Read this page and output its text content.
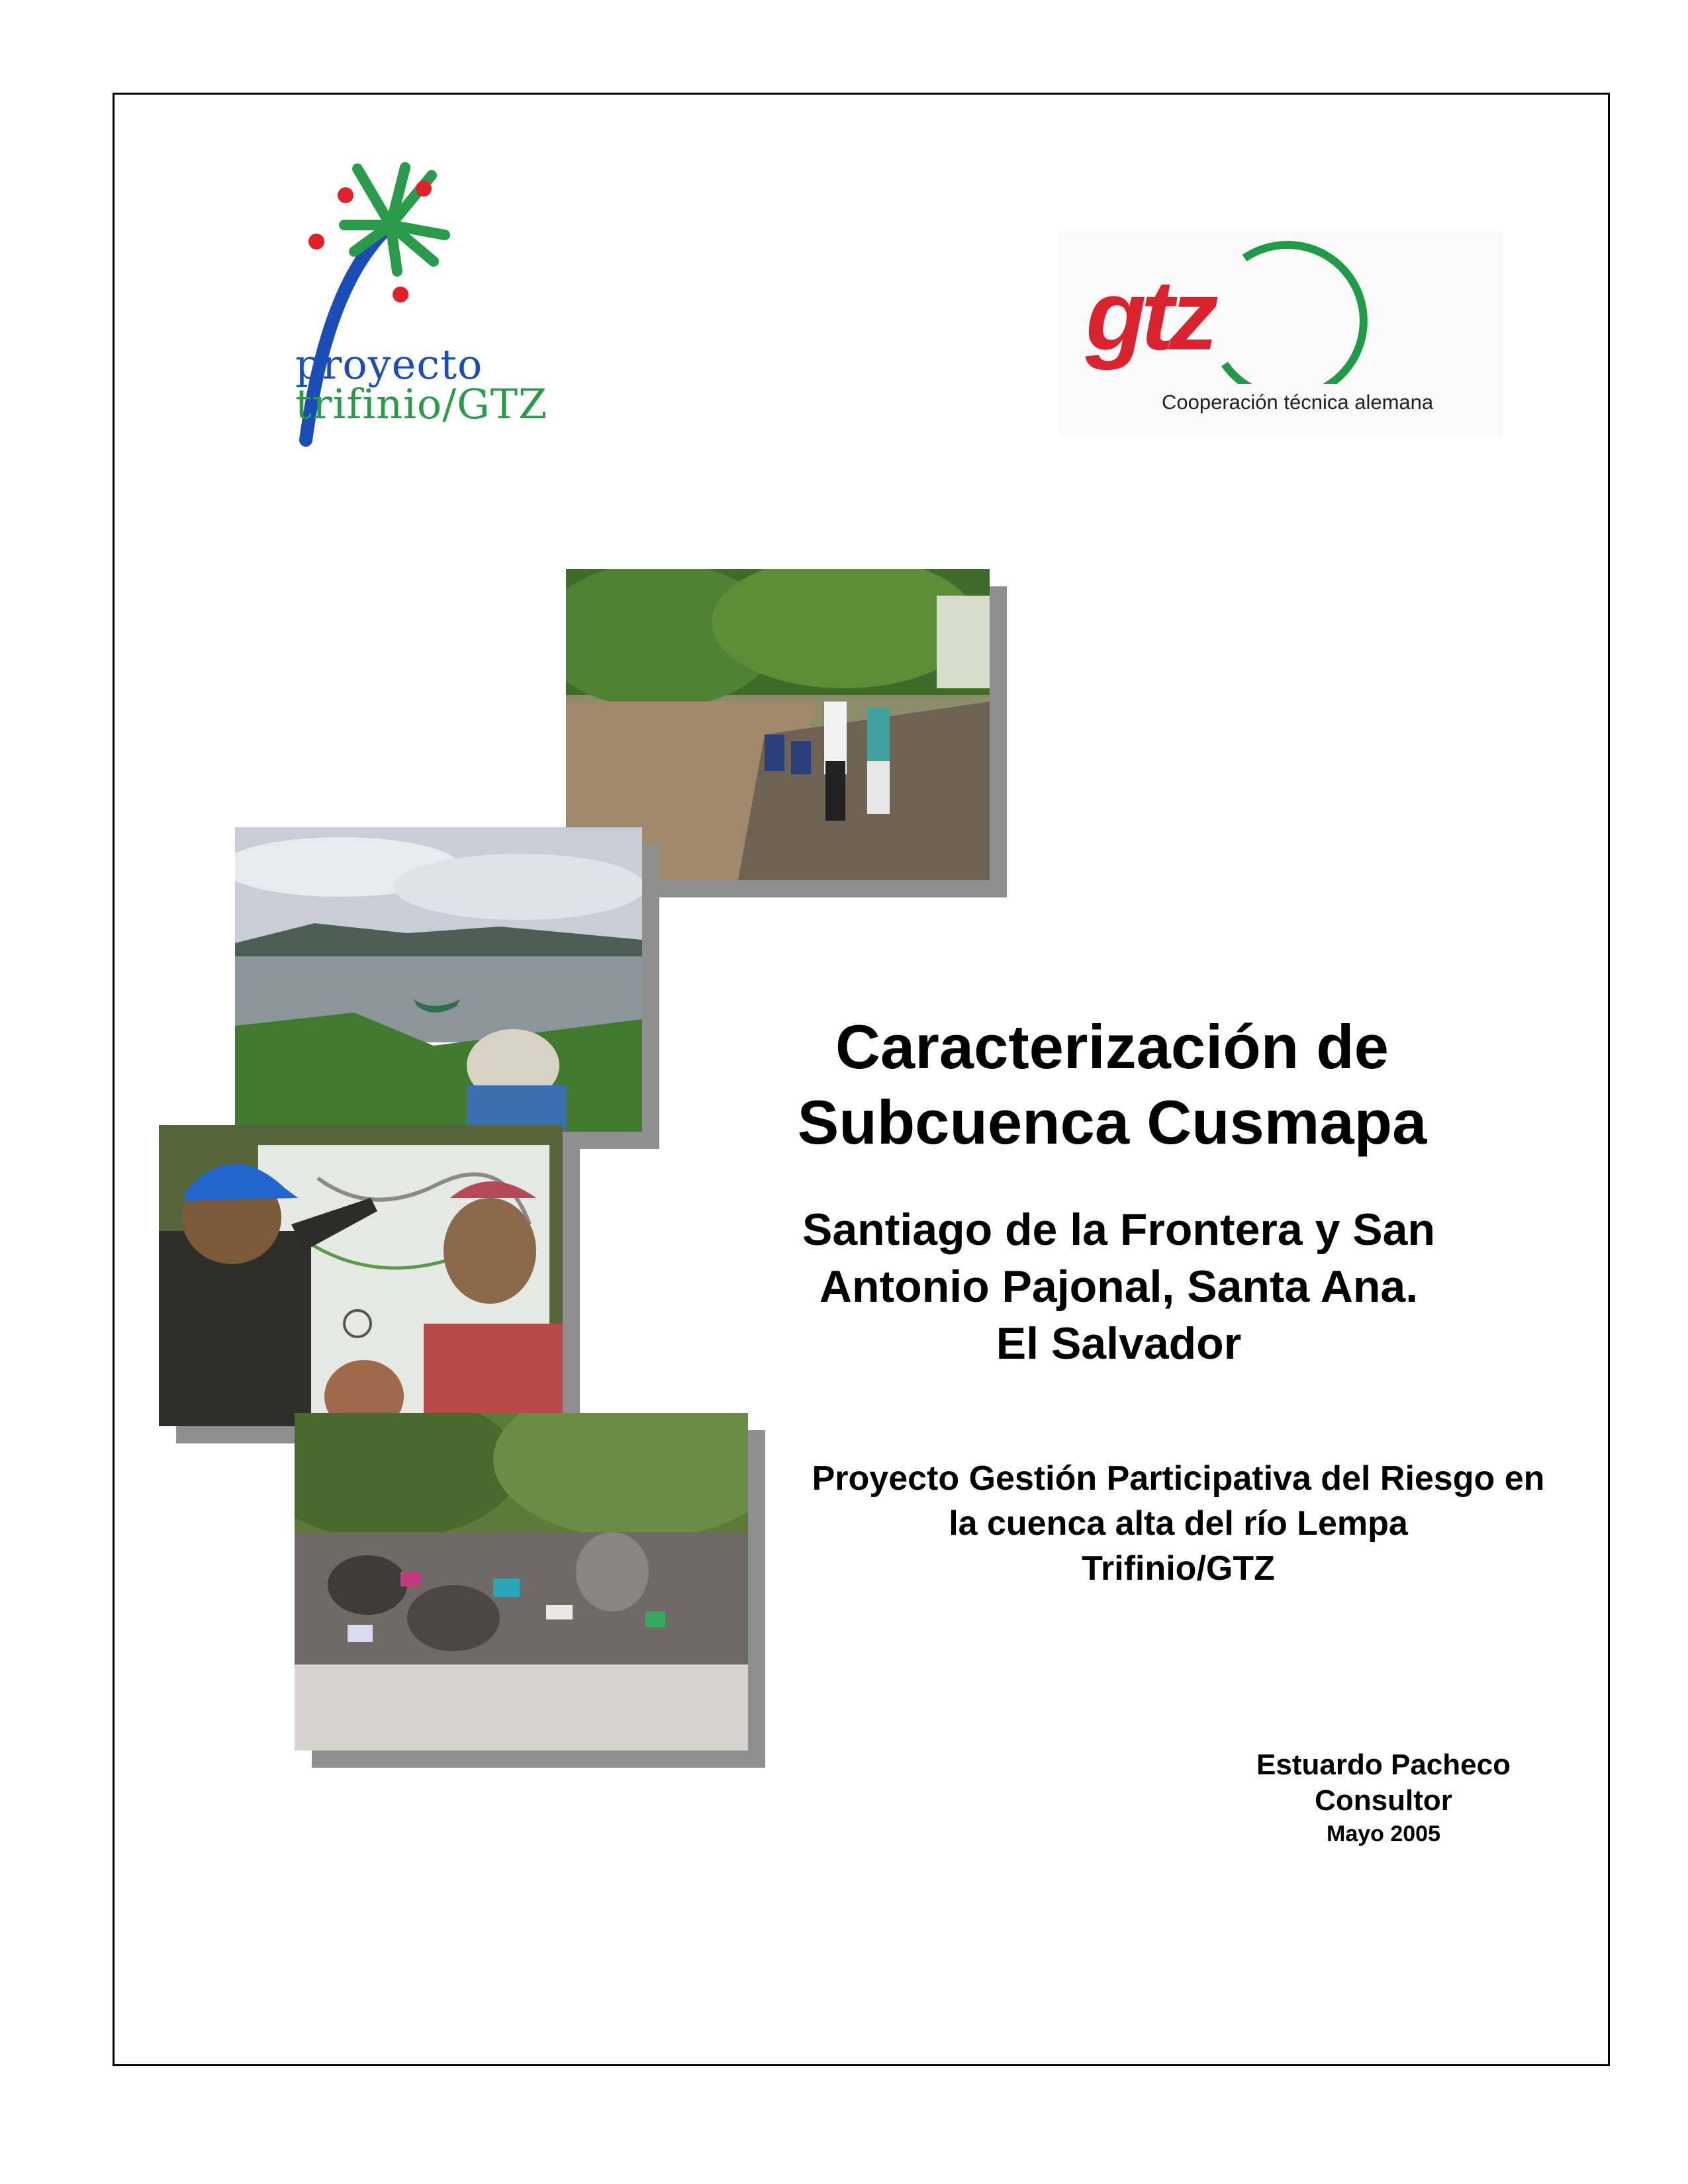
proyecto
trifinio/GTZ
gtz
Cooperación técnica alemana
Caracterización de
Subcuenca Cusmapa
Santiago de la Frontera y San
Antonio Pajonal, Santa Ana.
El Salvador
Proyecto Gestión Participativa del Riesgo en
la cuenca alta del río Lempa
Trifinio/GTZ
Estuardo Pacheco
Consultor
Mayo 2005
